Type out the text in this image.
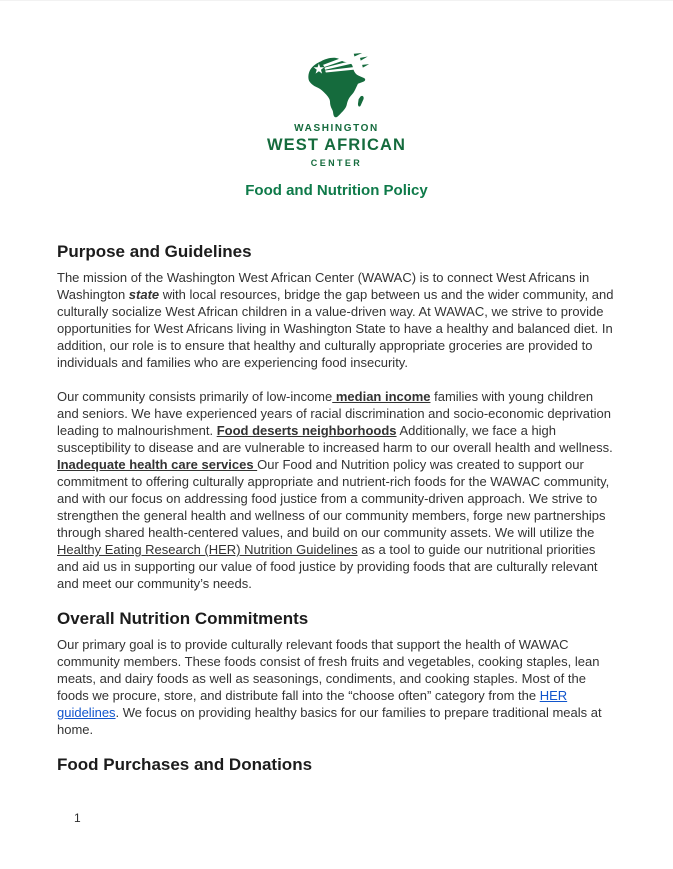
WASHINGTON
WEST AFRICAN
CENTER
Food and Nutrition Policy
Purpose and Guidelines

The mission of the Washington West African Center (WAWAC) is to connect West Africans in Washington state with local resources, bridge the gap between us and the wider community, and culturally socialize West African children in a value-driven way. At WAWAC, we strive to provide opportunities for West Africans living in Washington State to have a healthy and balanced diet. In addition, our role is to ensure that healthy and culturally appropriate groceries are provided to individuals and families who are experiencing food insecurity.

Our community consists primarily of low-income median income families with young children and seniors. We have experienced years of racial discrimination and socio-economic deprivation leading to malnourishment. Food deserts neighborhoods Additionally, we face a high susceptibility to disease and are vulnerable to increased harm to our overall health and wellness. Inadequate health care services Our Food and Nutrition policy was created to support our commitment to offering culturally appropriate and nutrient-rich foods for the WAWAC community, and with our focus on addressing food justice from a community-driven approach. We strive to strengthen the general health and wellness of our community members, forge new partnerships through shared health-centered values, and build on our community assets. We will utilize the Healthy Eating Research (HER) Nutrition Guidelines as a tool to guide our nutritional priorities and aid us in supporting our value of food justice by providing foods that are culturally relevant and meet our community’s needs.

Overall Nutrition Commitments

Our primary goal is to provide culturally relevant foods that support the health of WAWAC community members. These foods consist of fresh fruits and vegetables, cooking staples, lean meats, and dairy foods as well as seasonings, condiments, and cooking staples. Most of the foods we procure, store, and distribute fall into the “choose often” category from the HER guidelines. We focus on providing healthy basics for our families to prepare traditional meals at home.

Food Purchases and Donations
1
